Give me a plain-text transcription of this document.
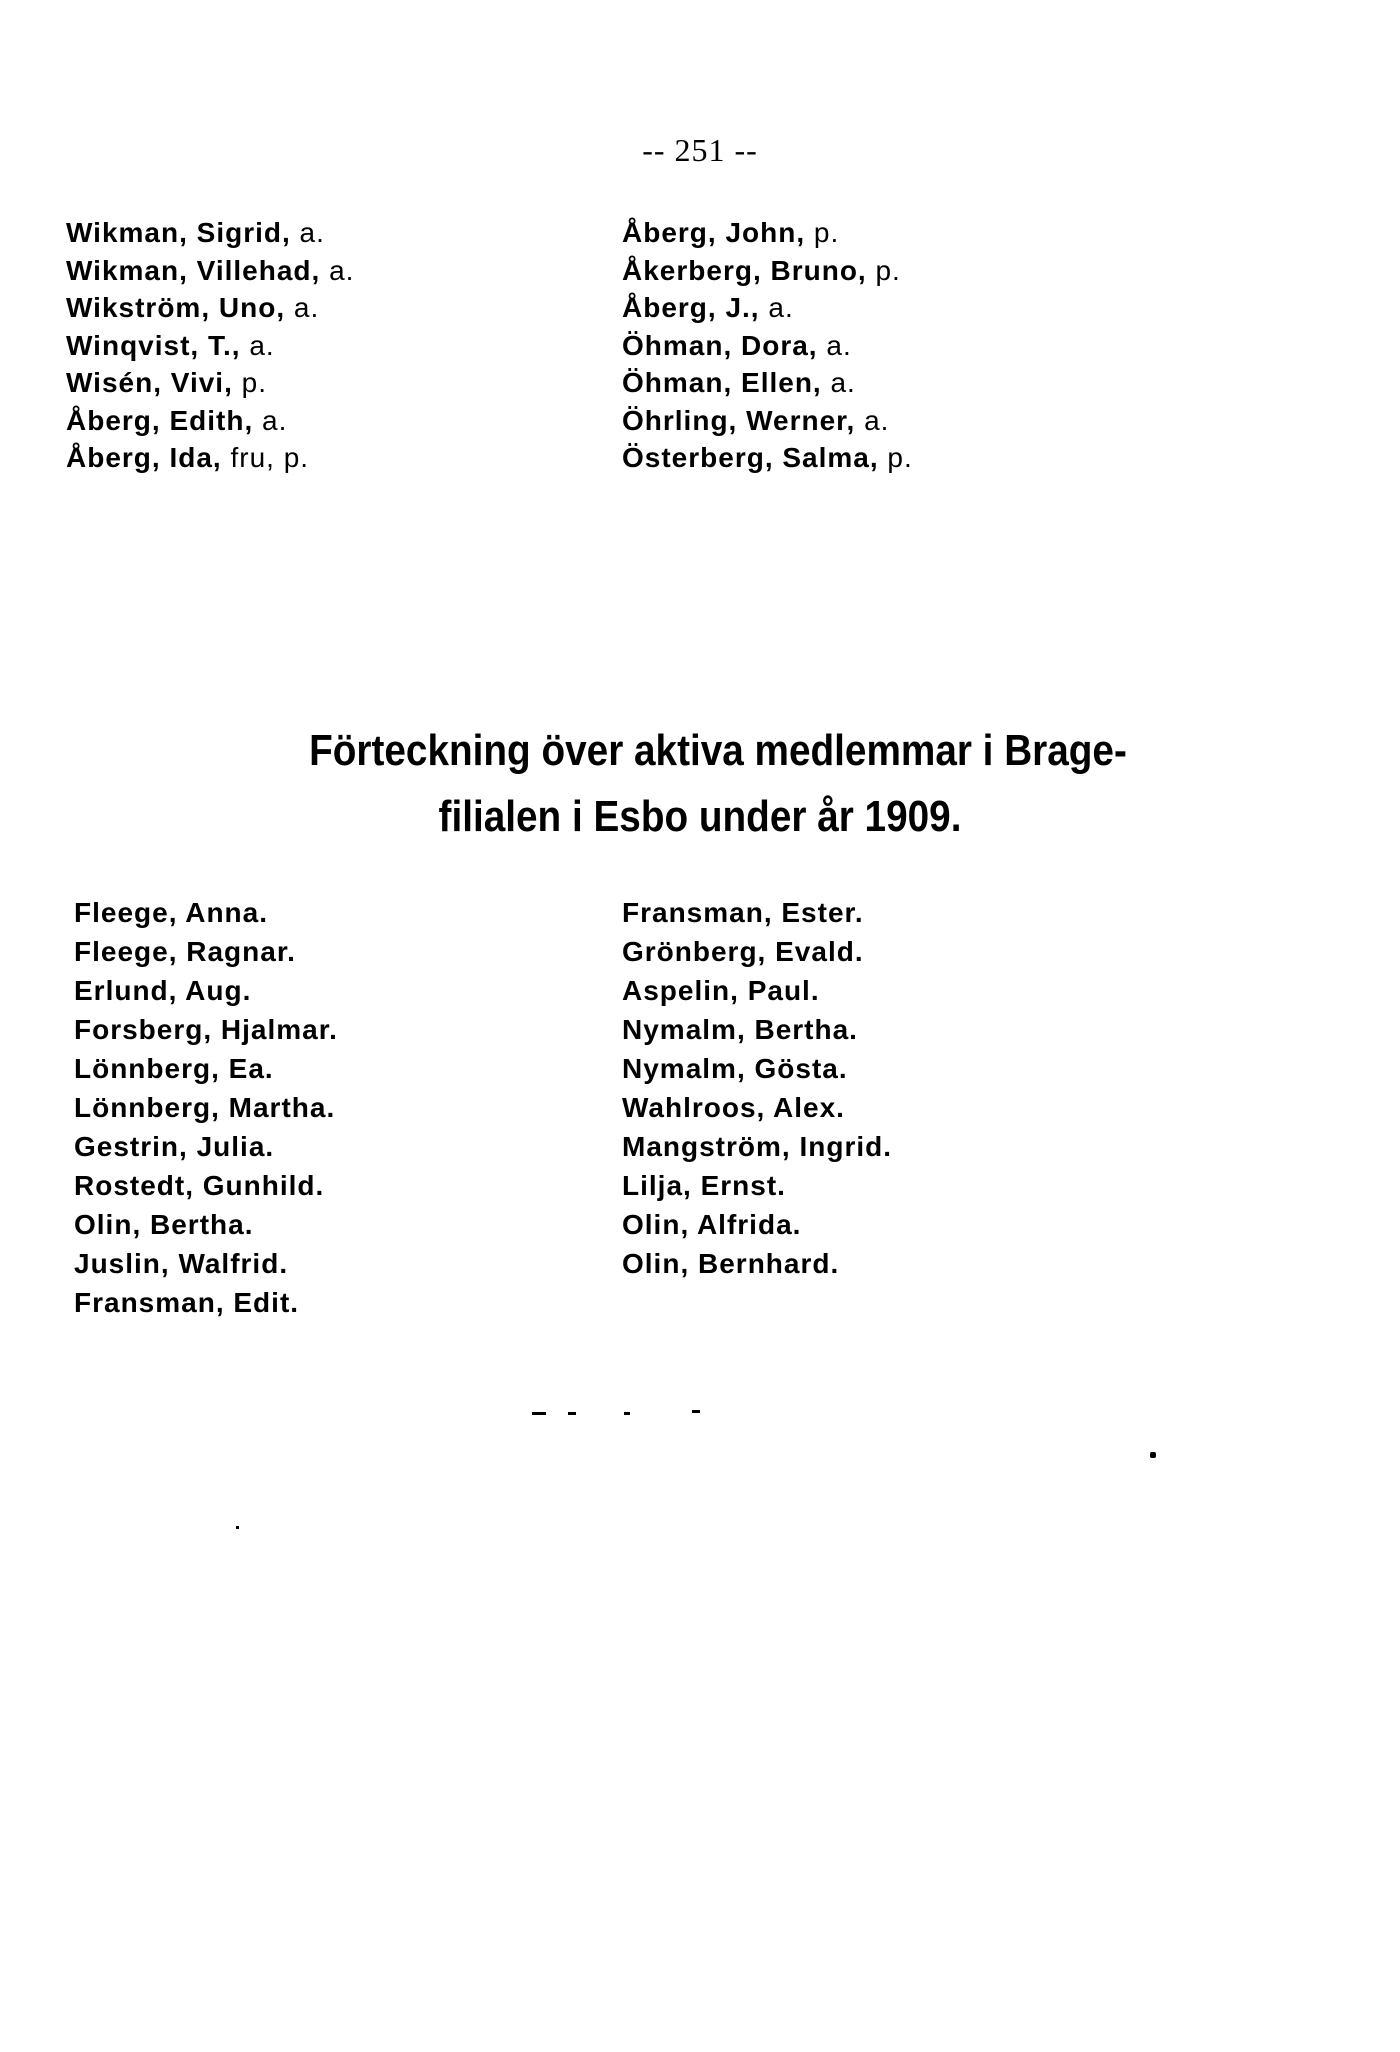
-- 251 --
Wikman, Sigrid, a.
Wikman, Villehad, a.
Wikström, Uno, a.
Winqvist, T., a.
Wisén, Vivi, p.
Åberg, Edith, a.
Åberg, Ida, fru, p.
Åberg, John, p.
Åkerberg, Bruno, p.
Åberg, J., a.
Öhman, Dora, a.
Öhman, Ellen, a.
Öhrling, Werner, a.
Österberg, Salma, p.
Förteckning över aktiva medlemmar i Brage-
filialen i Esbo under år 1909.
Fleege, Anna.
Fleege, Ragnar.
Erlund, Aug.
Forsberg, Hjalmar.
Lönnberg, Ea.
Lönnberg, Martha.
Gestrin, Julia.
Rostedt, Gunhild.
Olin, Bertha.
Juslin, Walfrid.
Fransman, Edit.
Fransman, Ester.
Grönberg, Evald.
Aspelin, Paul.
Nymalm, Bertha.
Nymalm, Gösta.
Wahlroos, Alex.
Mangström, Ingrid.
Lilja, Ernst.
Olin, Alfrida.
Olin, Bernhard.
